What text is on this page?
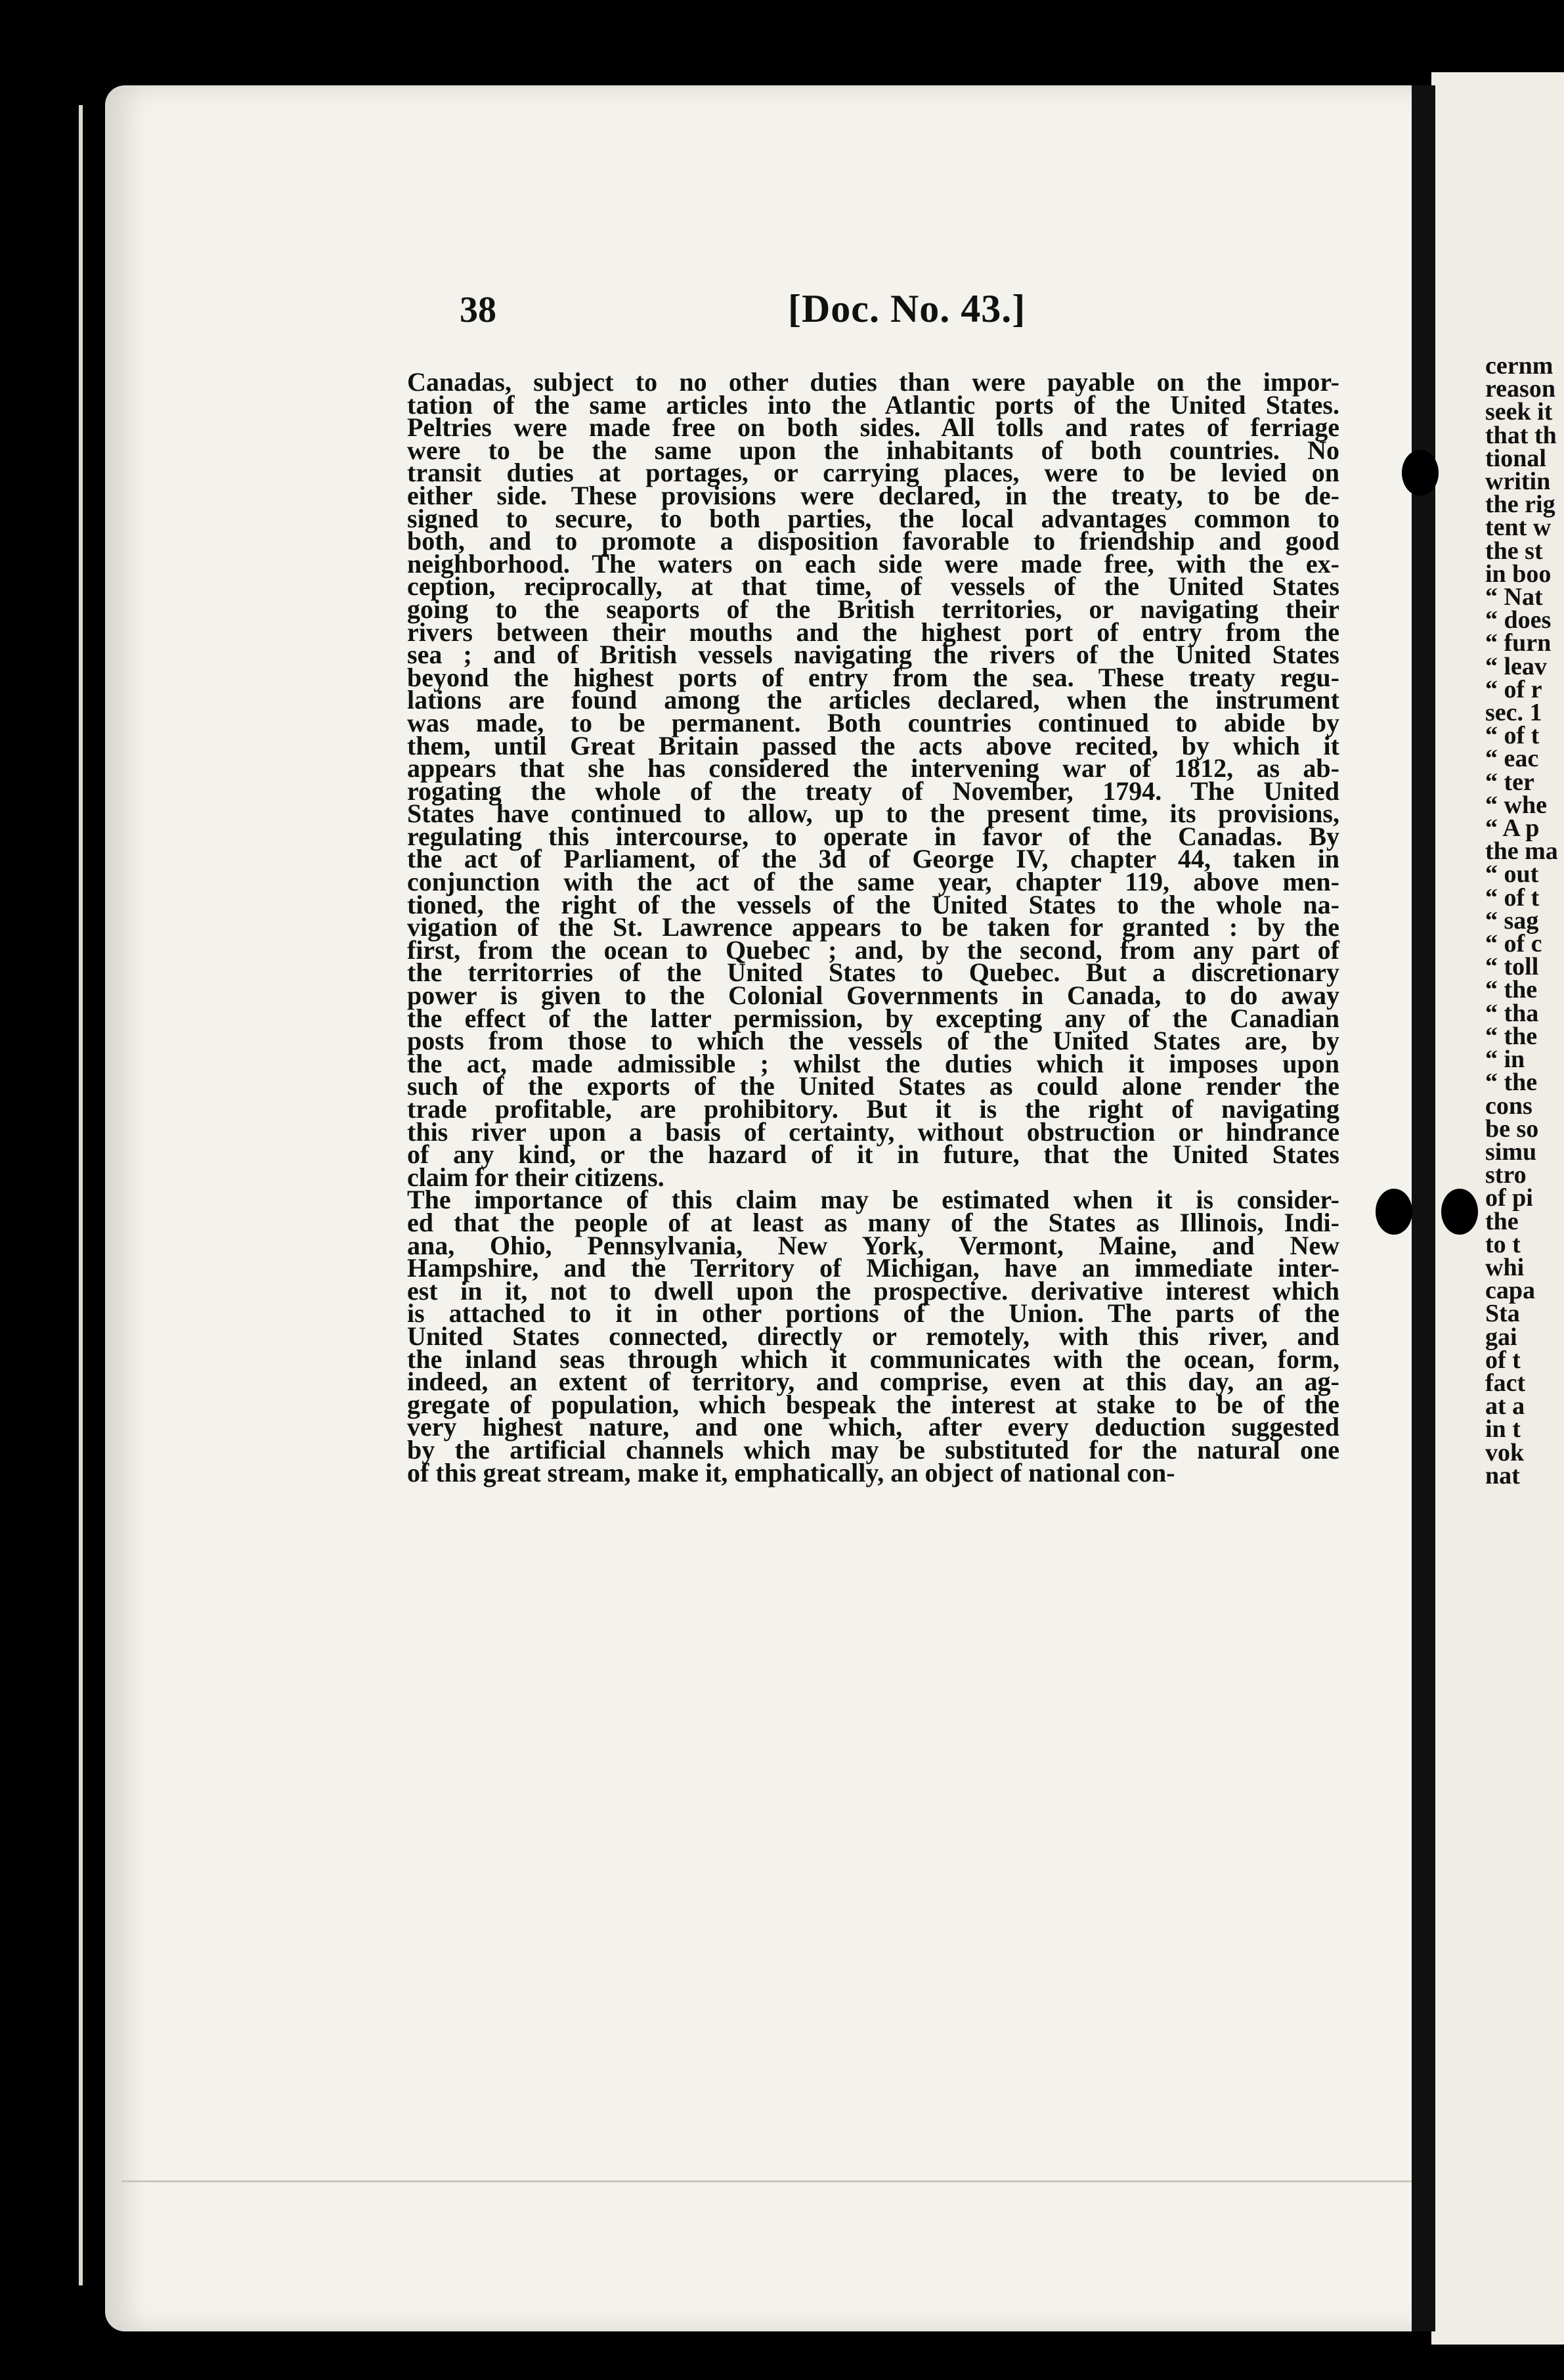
38	[Doc. No. 43.]
Canadas, subject to no other duties than were payable on the impor-
tation of the same articles into the Atlantic ports of the United States.
Peltries were made free on both sides. All tolls and rates of ferriage
were to be the same upon the inhabitants of both countries. No
transit duties at portages, or carrying places, were to be levied on
either side. These provisions were declared, in the treaty, to be de-
signed to secure, to both parties, the local advantages common to
both, and to promote a disposition favorable to friendship and good
neighborhood. The waters on each side were made free, with the ex-
ception, reciprocally, at that time, of vessels of the United States
going to the seaports of the British territories, or navigating their
rivers between their mouths and the highest port of entry from the
sea ; and of British vessels navigating the rivers of the United States
beyond the highest ports of entry from the sea. These treaty regu-
lations are found among the articles declared, when the instrument
was made, to be permanent. Both countries continued to abide by
them, until Great Britain passed the acts above recited, by which it
appears that she has considered the intervening war of 1812, as ab-
rogating the whole of the treaty of November, 1794. The United
States have continued to allow, up to the present time, its provisions,
regulating this intercourse, to operate in favor of the Canadas. By
the act of Parliament, of the 3d of George IV, chapter 44, taken in
conjunction with the act of the same year, chapter 119, above men-
tioned, the right of the vessels of the United States to the whole na-
vigation of the St. Lawrence appears to be taken for granted : by the
first, from the ocean to Quebec ; and, by the second, from any part of
the territorries of the United States to Quebec. But a discretionary
power is given to the Colonial Governments in Canada, to do away
the effect of the latter permission, by excepting any of the Canadian
posts from those to which the vessels of the United States are, by
the act, made admissible ; whilst the duties which it imposes upon
such of the exports of the United States as could alone render the
trade profitable, are prohibitory. But it is the right of navigating
this river upon a basis of certainty, without obstruction or hindrance
of any kind, or the hazard of it in future, that the United States
claim for their citizens.
The importance of this claim may be estimated when it is consider-
ed that the people of at least as many of the States as Illinois, Indi-
ana, Ohio, Pennsylvania, New York, Vermont, Maine, and New
Hampshire, and the Territory of Michigan, have an immediate inter-
est in it, not to dwell upon the prospective. derivative interest which
is attached to it in other portions of the Union. The parts of the
United States connected, directly or remotely, with this river, and
the inland seas through which it communicates with the ocean, form,
indeed, an extent of territory, and comprise, even at this day, an ag-
gregate of population, which bespeak the interest at stake to be of the
very highest nature, and one which, after every deduction suggested
by the artificial channels which may be substituted for the natural one
of this great stream, make it, emphatically, an object of national con-
cernm
reason
seek it
that th
tional
writin
the rig
tent w
the st
in boo
“ Nat
“ does
“ furn
“ leav
“ of r
sec. 1
“ of t
“ eac
“ ter
“ whe
“ A p
the ma
“ out
“ of t
“ sag
“ of c
“ toll
“ the
“ tha
“ the
“ in
“ the
cons
be so
simu
stro
of pi
the
to t
whi
capa
Sta
gai
of t
fact
at a
in t
vok
nat
